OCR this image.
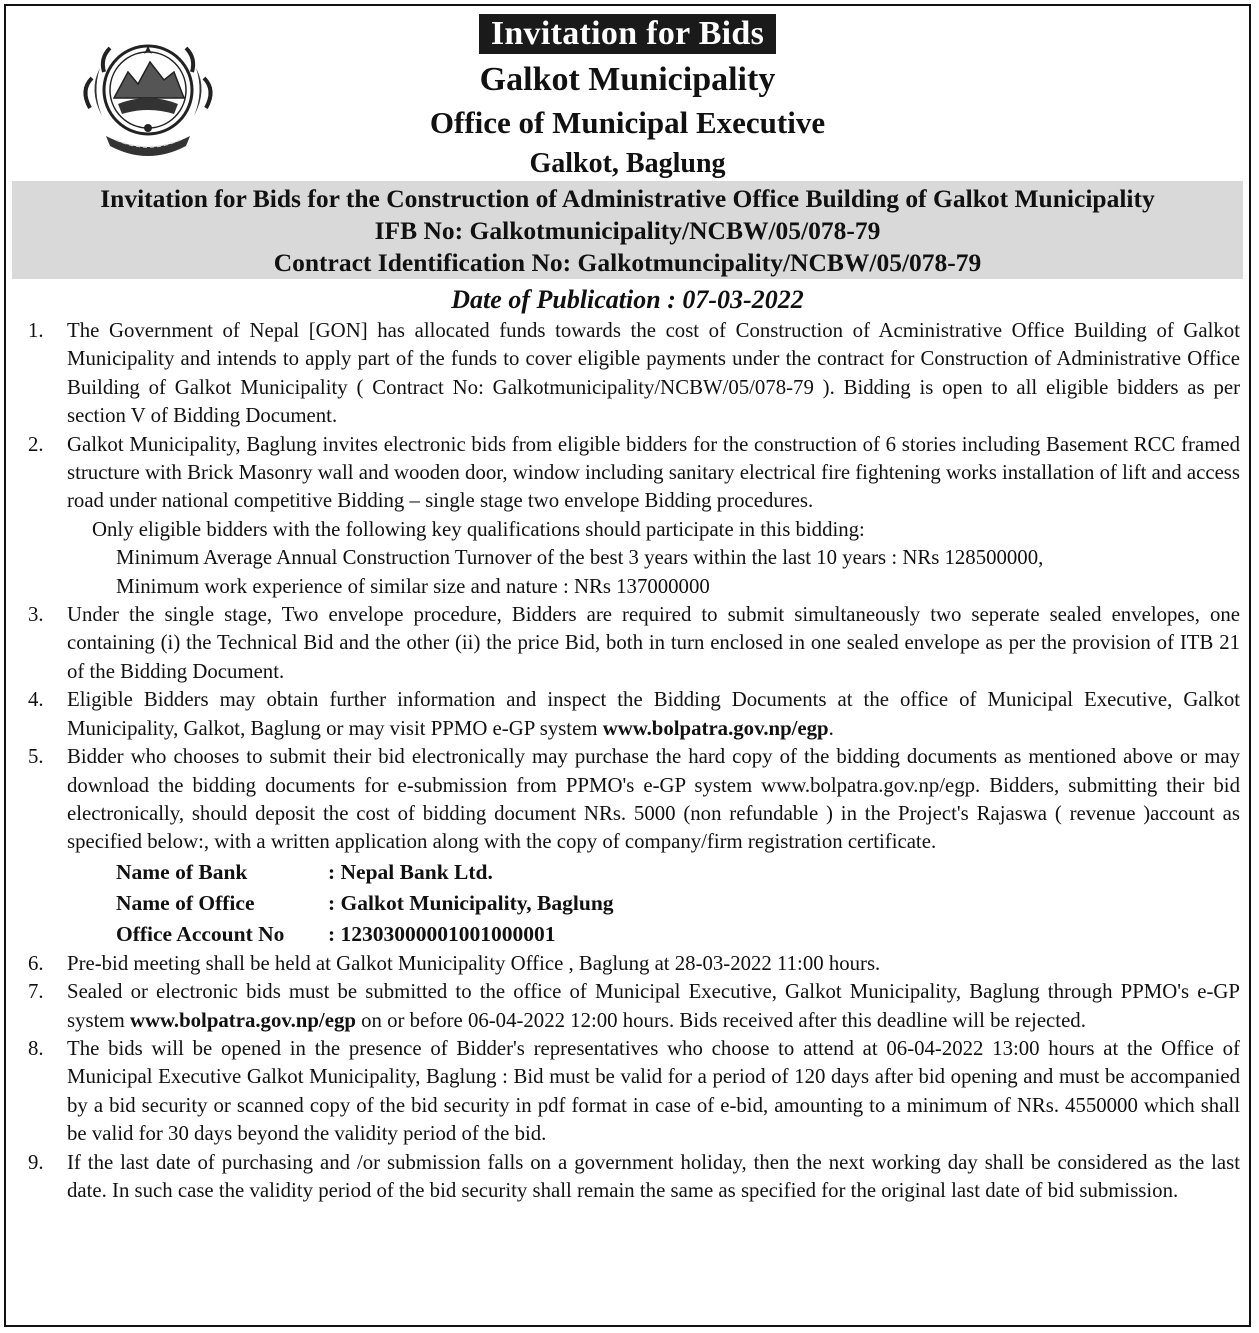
Invitation for Bids
Galkot Municipality
Office of Municipal Executive
Galkot, Baglung
Invitation for Bids for the Construction of Administrative Office Building of Galkot Municipality
IFB No: Galkotmunicipality/NCBW/05/078-79
Contract Identification No: Galkotmuncipality/NCBW/05/078-79
Date of Publication : 07-03-2022
1. The Government of Nepal [GON] has allocated funds towards the cost of Construction of Acministrative Office Building of Galkot Municipality and intends to apply part of the funds to cover eligible payments under the contract for Construction of Administrative Office Building of Galkot Municipality ( Contract No: Galkotmunicipality/NCBW/05/078-79 ). Bidding is open to all eligible bidders as per section V of Bidding Document.
2. Galkot Municipality, Baglung invites electronic bids from eligible bidders for the construction of 6 stories including Basement RCC framed structure with Brick Masonry wall and wooden door, window including sanitary electrical fire fightening works installation of lift and access road under national competitive Bidding – single stage two envelope Bidding procedures.
Only eligible bidders with the following key qualifications should participate in this bidding:
Minimum Average Annual Construction Turnover of the best 3 years within the last 10 years : NRs 128500000,
Minimum work experience of similar size and nature : NRs 137000000
3. Under the single stage, Two envelope procedure, Bidders are required to submit simultaneously two seperate sealed envelopes, one containing (i) the Technical Bid and the other (ii) the price Bid, both in turn enclosed in one sealed envelope as per the provision of ITB 21 of the Bidding Document.
4. Eligible Bidders may obtain further information and inspect the Bidding Documents at the office of Municipal Executive, Galkot Municipality, Galkot, Baglung or may visit PPMO e-GP system www.bolpatra.gov.np/egp.
5. Bidder who chooses to submit their bid electronically may purchase the hard copy of the bidding documents as mentioned above or may download the bidding documents for e-submission from PPMO's e-GP system www.bolpatra.gov.np/egp. Bidders, submitting their bid electronically, should deposit the cost of bidding document NRs. 5000 (non refundable ) in the Project's Rajaswa ( revenue )account as specified below:, with a written application along with the copy of company/firm registration certificate.
Name of Bank	: Nepal Bank Ltd.
Name of Office	: Galkot Municipality, Baglung
Office Account No : 12303000001001000001
6. Pre-bid meeting shall be held at Galkot Municipality Office , Baglung at 28-03-2022 11:00 hours.
7. Sealed or electronic bids must be submitted to the office of Municipal Executive, Galkot Municipality, Baglung through PPMO's e-GP system www.bolpatra.gov.np/egp on or before 06-04-2022 12:00 hours. Bids received after this deadline will be rejected.
8. The bids will be opened in the presence of Bidder's representatives who choose to attend at 06-04-2022 13:00 hours at the Office of Municipal Executive Galkot Municipality, Baglung : Bid must be valid for a period of 120 days after bid opening and must be accompanied by a bid security or scanned copy of the bid security in pdf format in case of e-bid, amounting to a minimum of NRs. 4550000 which shall be valid for 30 days beyond the validity period of the bid.
9. If the last date of purchasing and /or submission falls on a government holiday, then the next working day shall be considered as the last date. In such case the validity period of the bid security shall remain the same as specified for the original last date of bid submission.
